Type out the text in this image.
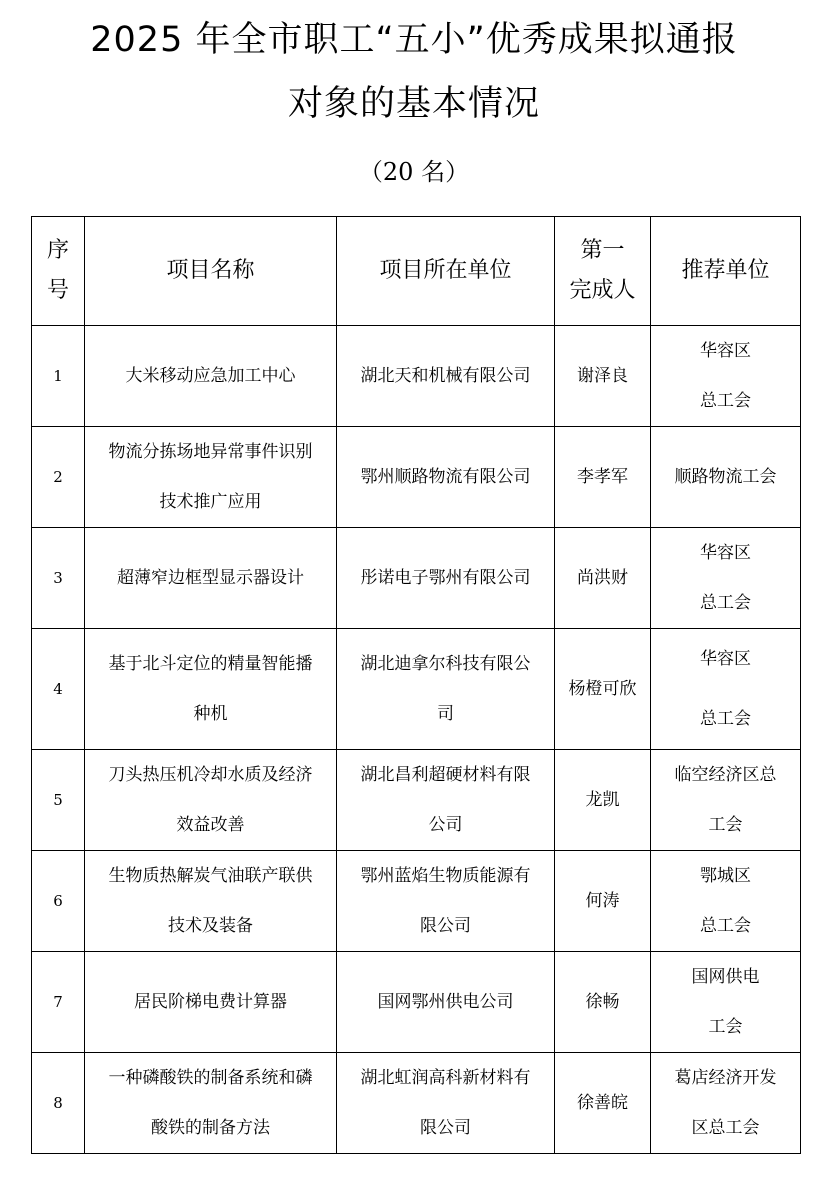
2025 年全市职工“五小”优秀成果拟通报
对象的基本情况
（20 名）
序
号	项目名称	项目所在单位	第一
完成人	推荐单位
1	大米移动应急加工中心	湖北天和机械有限公司	谢泽良	华容区
总工会
2	物流分拣场地异常事件识别
技术推广应用	鄂州顺路物流有限公司	李孝军	顺路物流工会
3	超薄窄边框型显示器设计	彤诺电子鄂州有限公司	尚洪财	华容区
总工会
4	基于北斗定位的精量智能播
种机	湖北迪拿尔科技有限公
司	杨橙可欣	华容区
总工会
5	刀头热压机冷却水质及经济
效益改善	湖北昌利超硬材料有限
公司	龙凯	临空经济区总
工会
6	生物质热解炭气油联产联供
技术及装备	鄂州蓝焰生物质能源有
限公司	何涛	鄂城区
总工会
7	居民阶梯电费计算器	国网鄂州供电公司	徐畅	国网供电
工会
8	一种磷酸铁的制备系统和磷
酸铁的制备方法	湖北虹润高科新材料有
限公司	徐善皖	葛店经济开发
区总工会
